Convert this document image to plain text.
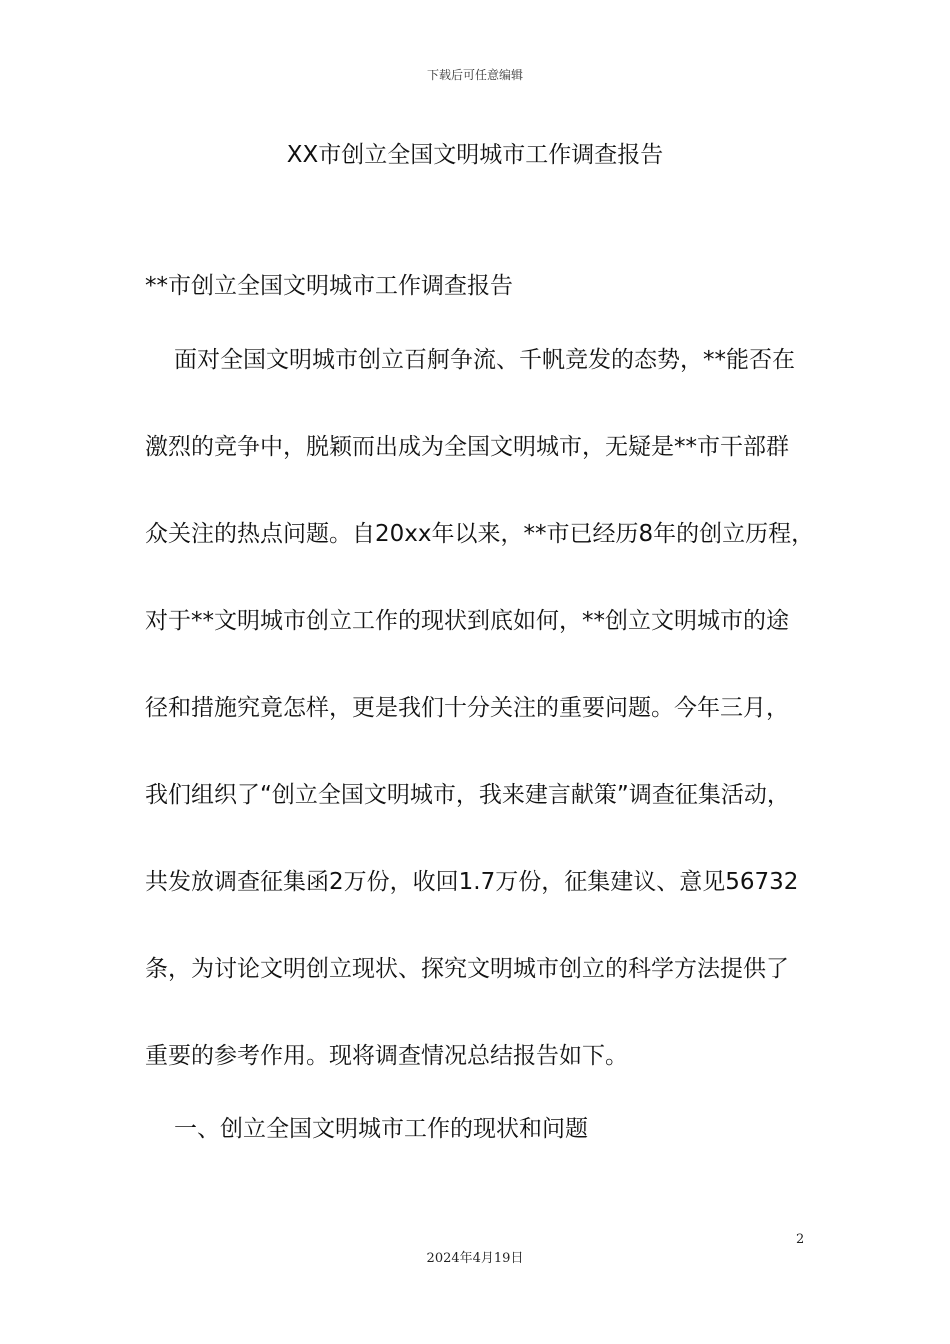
下载后可任意编辑
XX市创立全国文明城市工作调查报告
**市创立全国文明城市工作调查报告
面对全国文明城市创立百舸争流、千帆竞发的态势，**能否在
激烈的竞争中，脱颖而出成为全国文明城市，无疑是**市干部群
众关注的热点问题。自20xx年以来，**市已经历8年的创立历程，
对于**文明城市创立工作的现状到底如何，**创立文明城市的途
径和措施究竟怎样，更是我们十分关注的重要问题。今年三月，
我们组织了“创立全国文明城市，我来建言献策”调查征集活动，
共发放调查征集函2万份，收回1.7万份，征集建议、意见56732
条，为讨论文明创立现状、探究文明城市创立的科学方法提供了
重要的参考作用。现将调查情况总结报告如下。
一、创立全国文明城市工作的现状和问题
2
2024年4月19日
